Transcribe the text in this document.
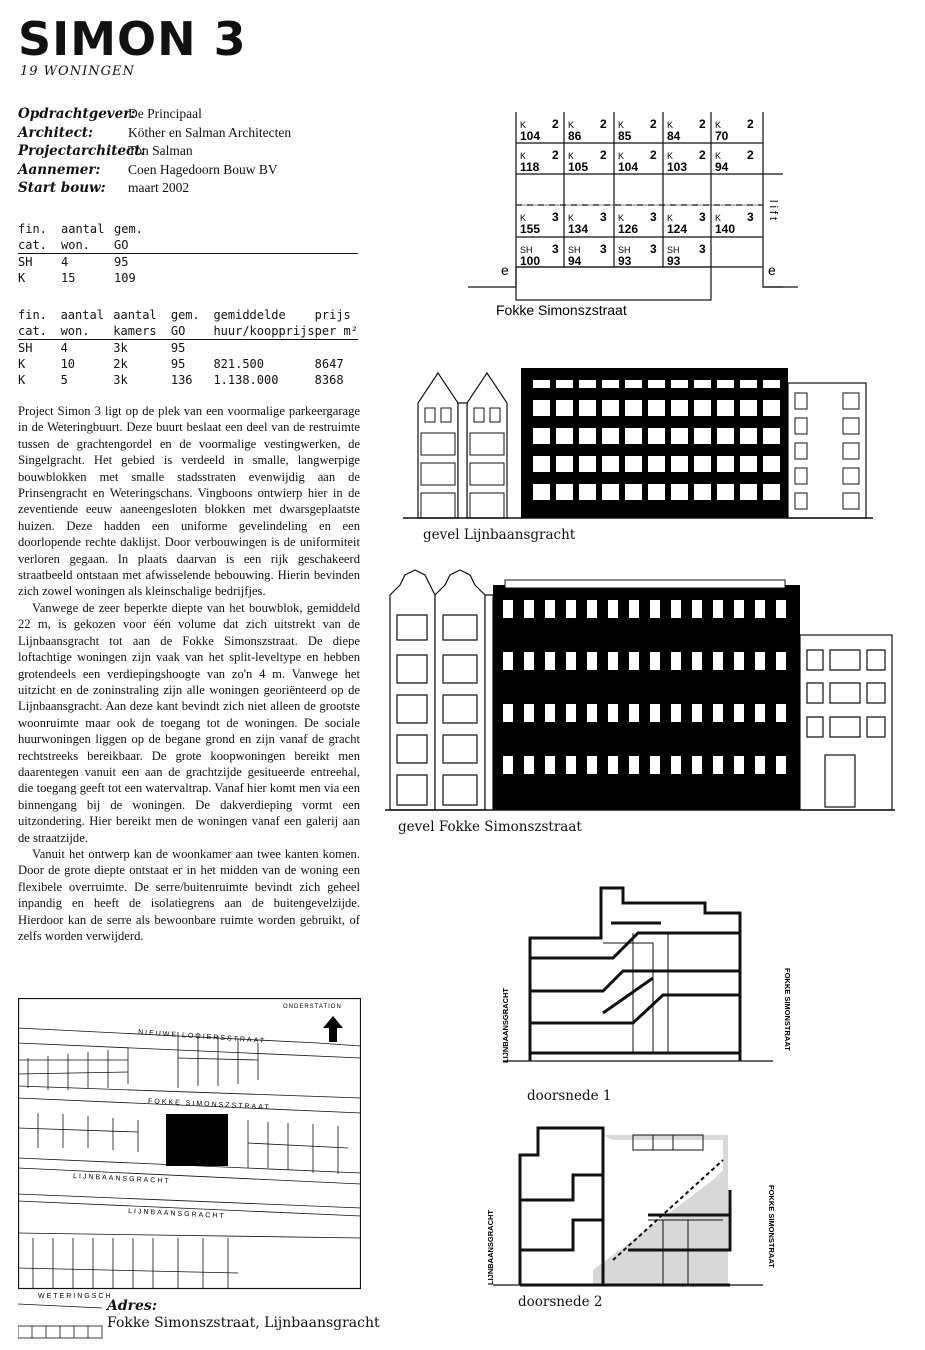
SIMON 3
19 WONINGEN
Opdrachtgever:
De Principaal
Architect:	Köther en Salman Architecten
Projectarchitect:
Ton Salman
Aannemer:	Coen Hagedoorn Bouw BV
Start bouw:	maart 2002
fin.	aantal	gem.
cat.	won.	GO
SH	4	95
K	15	109
fin.	aantal	aantal	gem.	gemiddelde	prijs
cat.	won.	kamers	GO	huur/koopprijs	per m²
SH	4	3k	95		
K	10	2k	95	821.500	8647
K	5	3k	136	1.138.000	8368

Project Simon 3 ligt op de plek van een voormalige parkeergarage in de Weteringbuurt. Deze buurt beslaat een deel van de restruimte tussen de grachtengordel en de voormalige vestingwerken, de Singelgracht. Het gebied is verdeeld in smalle, langwerpige bouwblokken met smalle stadsstraten evenwijdig aan de Prinsengracht en Weteringschans. Vingboons ontwierp hier in de zeventiende eeuw aaneengesloten blokken met dwarsgeplaatste huizen. Deze hadden een uniforme gevelindeling en een doorlopende rechte daklijst. Door verbouwingen is de uniformiteit verloren gegaan. In plaats daarvan is een rijk geschakeerd straatbeeld ontstaan met afwisselende bebouwing. Hierin bevinden zich zowel woningen als kleinschalige bedrijfjes.

Vanwege de zeer beperkte diepte van het bouwblok, gemiddeld 22 m, is gekozen voor één volume dat zich uitstrekt van de Lijnbaansgracht tot aan de Fokke Simonszstraat. De diepe loftachtige woningen zijn vaak van het split-leveltype en hebben grotendeels een verdiepingshoogte van zo'n 4 m. Vanwege het uitzicht en de zoninstraling zijn alle woningen georiënteerd op de Lijnbaansgracht. Aan deze kant bevindt zich niet alleen de grootste woonruimte maar ook de toegang tot de woningen. De sociale huurwoningen liggen op de begane grond en zijn vanaf de gracht rechtstreeks bereikbaar. De grote koopwoningen bereikt men daarentegen vanuit een aan de grachtzijde gesitueerde entreehal, die toegang geeft tot een watervaltrap. Vanaf hier komt men via een binnengang bij de woningen. De dakverdieping vormt een uitzondering. Hier bereikt men de woningen vanaf een galerij aan de straatzijde.

Vanuit het ontwerp kan de woonkamer aan twee kanten komen. Door de grote diepte ontstaat er in het midden van de woning een flexibele overruimte. De serre/buitenruimte bevindt zich geheel inpandig en heeft de isolatiegrens aan de buitengevelzijde. Hierdoor kan de serre als bewoonbare ruimte worden gebruikt, of zelfs worden verwijderd.

NIEUWE LOOIERSSTRAAT
FOKKE SIMONSZSTRAAT
LIJNBAANSGRACHT
LIJNBAANSGRACHT
WETERINGSCH
ONDERSTATION
Adres:
Fokke Simonszstraat, Lijnbaansgracht
K 2
104
K 2
86
K 2
85
K 2
84
K 2
70
K 2
118
K 2
105
K 2
104
K 2
103
K 2
94
K 3
155
K 3
134
K 3
126
K 3
124
K 3
140
SH 3
100
SH 3
94
SH 3
93
SH 3
93
lift
e	e
Fokke Simonszstraat
gevel Lijnbaansgracht
gevel Fokke Simonszstraat
LIJNBAANSGRACHT	FOKKE SIMONSTRAAT
doorsnede 1
LIJNBAANSGRACHT	FOKKE SIMONSTRAAT
doorsnede 2
